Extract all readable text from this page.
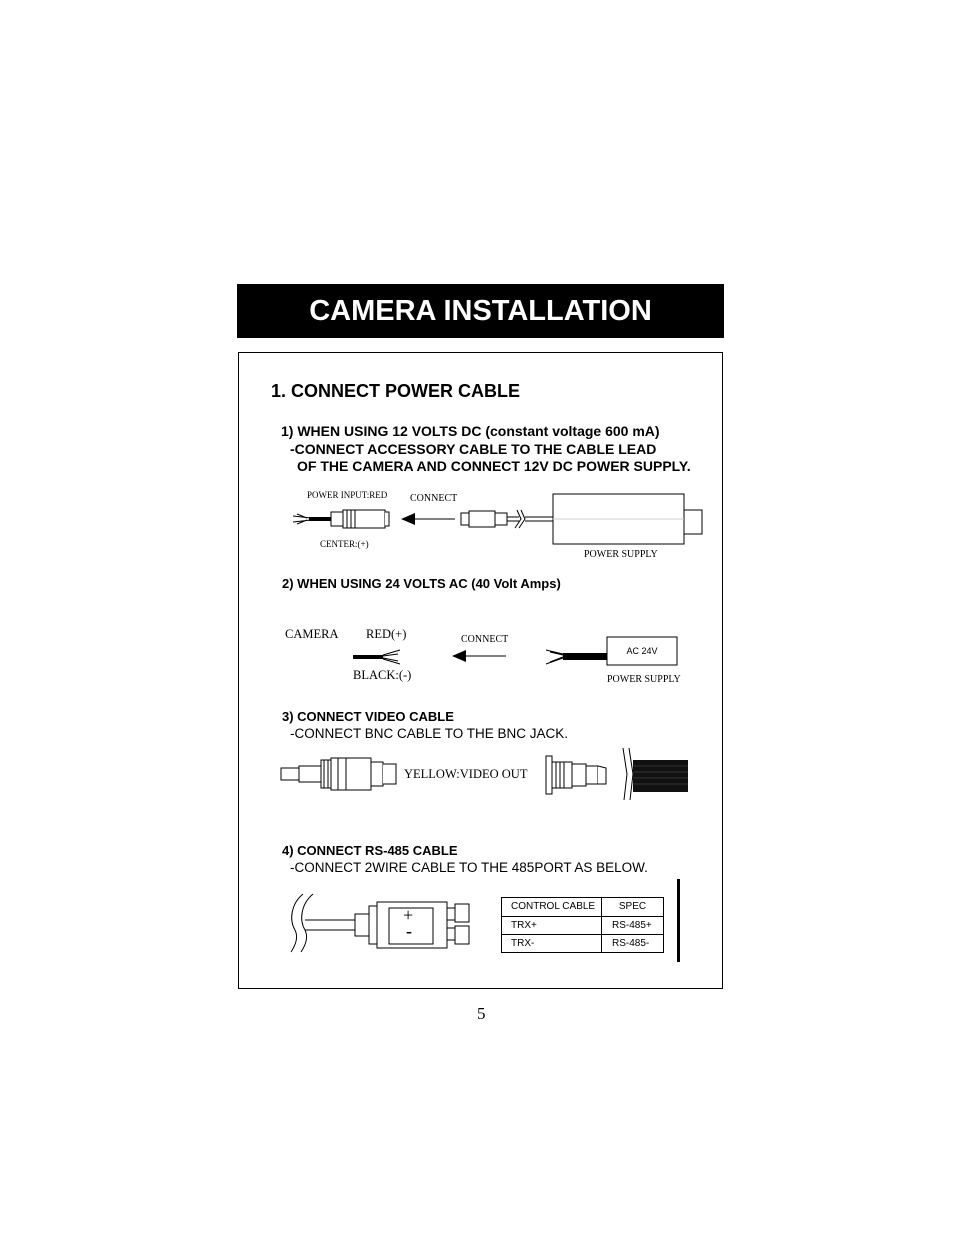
CAMERA INSTALLATION
1. CONNECT POWER CABLE
1) WHEN USING 12 VOLTS DC (constant voltage 600 mA)
-CONNECT ACCESSORY CABLE TO THE CABLE LEAD
OF THE CAMERA AND CONNECT 12V DC POWER SUPPLY.
POWER INPUT:RED
CENTER:(+)
CONNECT
POWER SUPPLY
2) WHEN USING 24 VOLTS AC (40 Volt Amps)
CAMERA RED(+)
BLACK:(-)
CONNECT
POWER SUPPLY
AC 24V
3) CONNECT VIDEO CABLE
-CONNECT BNC CABLE TO THE BNC JACK.
YELLOW:VIDEO OUT
4) CONNECT RS-485 CABLE
-CONNECT 2WIRE CABLE TO THE 485PORT AS BELOW.
+
-
CONTROL CABLE	SPEC
TRX+	RS-485+
TRX-	RS-485-
5
